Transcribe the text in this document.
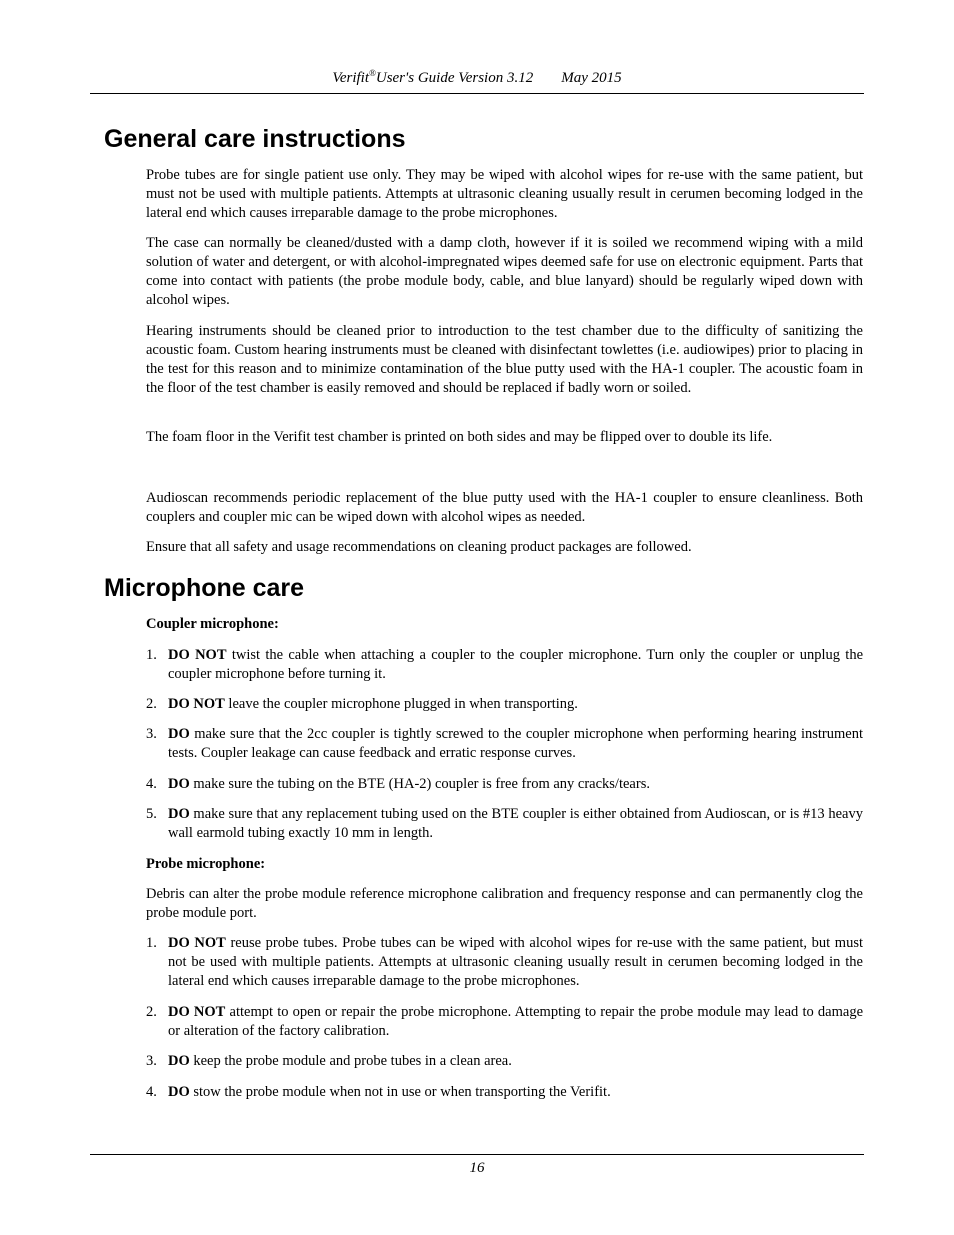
Verifit®User's Guide Version 3.12 May 2015
General care instructions

Probe tubes are for single patient use only. They may be wiped with alcohol wipes for re-use with the same patient, but must not be used with multiple patients. Attempts at ultrasonic cleaning usually result in cerumen becoming lodged in the lateral end which causes irreparable damage to the probe microphones.

The case can normally be cleaned/dusted with a damp cloth, however if it is soiled we recommend wiping with a mild solution of water and detergent, or with alcohol-impregnated wipes deemed safe for use on electronic equipment. Parts that come into contact with patients (the probe module body, cable, and blue lanyard) should be regularly wiped down with alcohol wipes.

Hearing instruments should be cleaned prior to introduction to the test chamber due to the difficulty of sanitizing the acoustic foam. Custom hearing instruments must be cleaned with disinfectant towlettes (i.e. audiowipes) prior to placing in the test for this reason and to minimize contamination of the blue putty used with the HA-1 coupler. The acoustic foam in the floor of the test chamber is easily removed and should be replaced if badly worn or soiled.

The foam floor in the Verifit test chamber is printed on both sides and may be flipped over to double its life.

Audioscan recommends periodic replacement of the blue putty used with the HA-1 coupler to ensure cleanliness. Both couplers and coupler mic can be wiped down with alcohol wipes as needed.

Ensure that all safety and usage recommendations on cleaning product packages are followed.

Microphone care

Coupler microphone:

1. DO NOT twist the cable when attaching a coupler to the coupler microphone. Turn only the coupler or unplug the coupler microphone before turning it.
2. DO NOT leave the coupler microphone plugged in when transporting.
3. DO make sure that the 2cc coupler is tightly screwed to the coupler microphone when performing hearing instrument tests. Coupler leakage can cause feedback and erratic response curves.
4. DO make sure the tubing on the BTE (HA-2) coupler is free from any cracks/tears.
5. DO make sure that any replacement tubing used on the BTE coupler is either obtained from Audioscan, or is #13 heavy wall earmold tubing exactly 10 mm in length.

Probe microphone:

Debris can alter the probe module reference microphone calibration and frequency response and can permanently clog the probe module port.

1. DO NOT reuse probe tubes. Probe tubes can be wiped with alcohol wipes for re-use with the same patient, but must not be used with multiple patients. Attempts at ultrasonic cleaning usually result in cerumen becoming lodged in the lateral end which causes irreparable damage to the probe microphones.
2. DO NOT attempt to open or repair the probe microphone. Attempting to repair the probe module may lead to damage or alteration of the factory calibration.
3. DO keep the probe module and probe tubes in a clean area.
4. DO stow the probe module when not in use or when transporting the Verifit.
16
